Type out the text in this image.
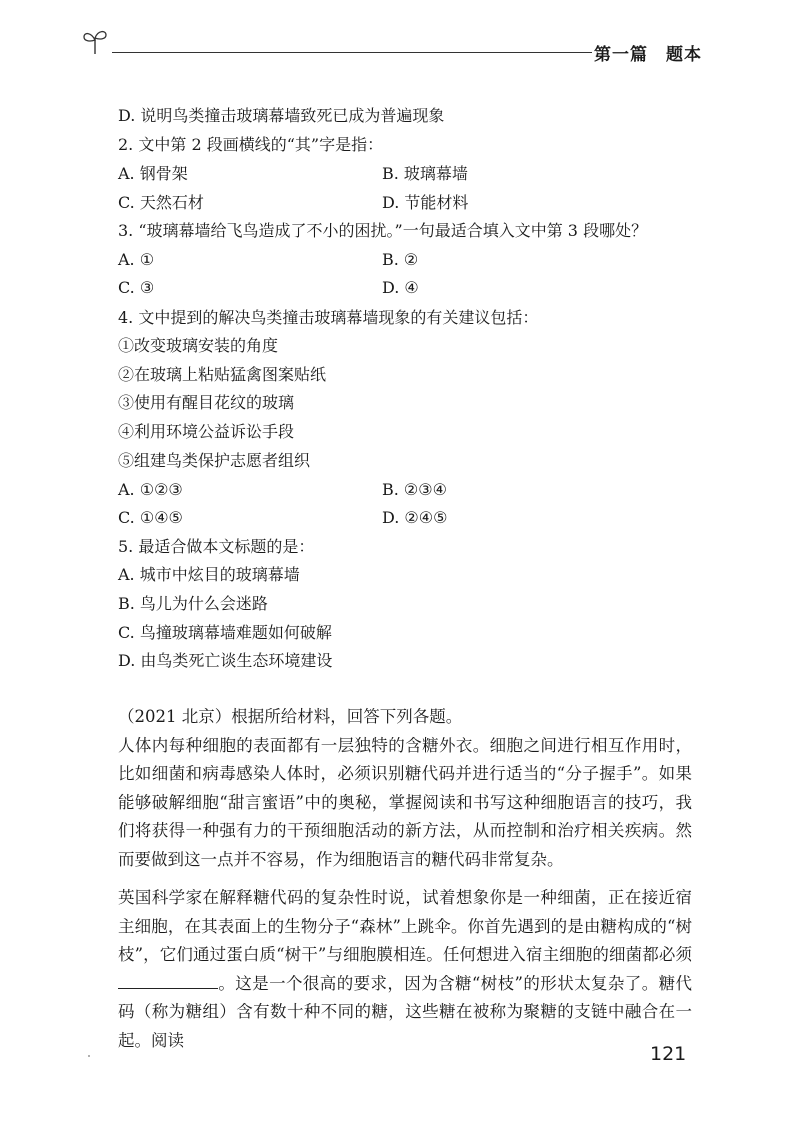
第一篇　题本
D. 说明鸟类撞击玻璃幕墙致死已成为普遍现象
2. 文中第 2 段画横线的“其”字是指：
A. 钢骨架	B. 玻璃幕墙
C. 天然石材	D. 节能材料
3. “玻璃幕墙给飞鸟造成了不小的困扰。”一句最适合填入文中第 3 段哪处？
A. ①	B. ②
C. ③	D. ④
4. 文中提到的解决鸟类撞击玻璃幕墙现象的有关建议包括：
①改变玻璃安装的角度
②在玻璃上粘贴猛禽图案贴纸
③使用有醒目花纹的玻璃
④利用环境公益诉讼手段
⑤组建鸟类保护志愿者组织
A. ①②③	B. ②③④
C. ①④⑤	D. ②④⑤
5. 最适合做本文标题的是：
A. 城市中炫目的玻璃幕墙
B. 鸟儿为什么会迷路
C. 鸟撞玻璃幕墙难题如何破解
D. 由鸟类死亡谈生态环境建设

（2021 北京）根据所给材料，回答下列各题。

人体内每种细胞的表面都有一层独特的含糖外衣。细胞之间进行相互作用时，比如细菌和病毒感染人体时，必须识别糖代码并进行适当的“分子握手”。如果能够破解细胞“甜言蜜语”中的奥秘，掌握阅读和书写这种细胞语言的技巧，我们将获得一种强有力的干预细胞活动的新方法，从而控制和治疗相关疾病。然而要做到这一点并不容易，作为细胞语言的糖代码非常复杂。

英国科学家在解释糖代码的复杂性时说，试着想象你是一种细菌，正在接近宿主细胞，在其表面上的生物分子“森林”上跳伞。你首先遇到的是由糖构成的“树枝”，它们通过蛋白质“树干”与细胞膜相连。任何想进入宿主细胞的细菌都必须。这是一个很高的要求，因为含糖“树枝”的形状太复杂了。糖代码（称为糖组）含有数十种不同的糖，这些糖在被称为聚糖的支链中融合在一起。阅读

121
